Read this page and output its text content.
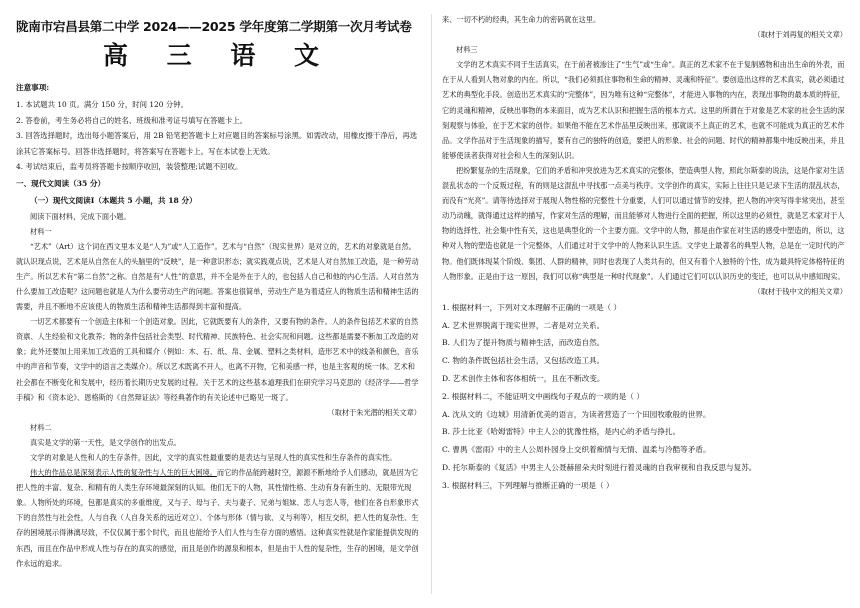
陇南市宕昌县第二中学 2024——2025 学年度第二学期第一次月考试卷
高 三 语 文
注意事项:

1. 本试题共 10 页。满分 150 分，时间 120 分钟。

2. 答卷前，考生务必将自己的姓名、班级和准考证号填写在答题卡上。

3. 回答选择题时，选出每小题答案后，用 2B 铅笔把答题卡上对应题目的答案标号涂黑。如需改动，用橡皮擦干净后，再选涂其它答案标号。回答非选择题时，将答案写在答题卡上。写在本试卷上无效。

4. 考试结束后，监考员将答题卡按顺序收回，装袋整理;试题不回收。

一、现代文阅读（35 分）

（一）现代文阅读Ⅰ（本题共 5 小题，共 18 分）

阅读下面材料，完成下面小题。

材料一

“艺术”（Art）这个词在西文里本义是“人为”或“人工造作”。艺术与“自然”（现实世界）是对立的，艺术的对象就是自然。就认识现点说，艺术是从自然在人的头脑里的“反映”，是一种意识形态；就实践观点说，艺术是人对自然加工改造，是一种劳动生产。所以艺术有“第二自然”之称。自然是有“人性”的意思，并不全是外在于人的，也包括人自己和他的内心生活。人对自然为什么要加工改造呢？这问题也就是人为什么要劳动生产的问题。答案也很简单，劳动生产是为着适应人的物质生活和精神生活的需要，并且不断地不应该使人的物质生活和精神生活都得到丰富和提高。

一切艺术都要有一个创造主体和一个创造对象。因此，它就既要有人的条件，又要有物的条件。人的条件包括艺术家的自然资禀、人生经验和文化教养；物的条件包括社会类型、时代精神、民族特色、社会实况和问题。这些都是需要不断加工改造的对象；此外还要加上用来加工改造的工具和媒介（例如：木、石、纸、帛、金属、塑料之类材料，造形艺术中的线条和颜色，音乐中的声音和节奏，文学中的语言之类媒介）。所以艺术既离不开人，也离不开物，它和美感一样，也是主客观的统一体。艺术和社会都在不断变化和发展中，经历着长期历史发展的过程。关于艺术的这些基本道理我们在研究学习马克思的《经济学——哲学手稿》和《资本论》、恩格斯的《自然辩证法》等经典著作的有关论述中已略见一斑了。

（取材于朱光潜的相关文章）

材料二

真实是文学的第一天性，是文学创作的出发点。

文学的对象是人性和人的生存条件，因此，文学的真实性最重要的是表达与呈现人性的真实性和生存条件的真实性。

伟大的作品总是深刻表示人性的复杂性与人生的巨大困境。而它的作品能跨越时空，源源不断地给予人们感动，就是因为它把人性的丰富、复杂、和精有的人类生存环境最深刻的认知。他们无下的人物，其性情性格、生动有身有新生的、无限带光现象。人物所处的环境，包都是真实的多重维度，又与子、母与子、夫与妻子、兄弟与姐妹、恋人与恋人等，他们在各自形象形式下的自然性与社会性，人与自我（人自身关系的远近对立）、个体与形体（情与欲、义与利等），相互交织，把人性的复杂性、生存的困境展示得淋漓尽致，不仅仅属于那个时代，而且也能给予人们人性与生存方面的感悟。这种真实性就是作家能提供发现的东西，而且在作品中形成人性与存在的真实的感觉，而且是创作的源泉和根本，但是由于人性的复杂性，生存的困境，是文学创作永远的追求。

来、一切不朽的经典，其生命力的密码就在这里。

（取材于刘再复的相关文章）

材料三

文学的艺术真实不同于生活真实，在于前者被渗注了“生气”或“生命”。真正的艺术家不在于复制感物和由出生命的外表，而在于从人看到人物对象的内在。所以，“我们必须抓住事物和生命的精神、灵魂和特征”。要创造出这样的艺术真实，就必须通过艺术的典型化手段。创造出艺术真实的“完整体”，因为唯有这种“完整体”，才能进入事物的内在，表现出事物的最本质的特征，它的灵魂和精神，反映出事物的本来面目，成为艺术认识和把握生活的根本方式。这里的所谓在于对象是艺术家的社会生活的深刻观察与体验，在于艺术家的创作。如果他不能在艺术作品里反映出来，那就谈不上真正的艺术，也就不可能成为真正的艺术作品。文学作品对于生活现象的描写，要有自己的独特的创造，要把人的形象、社会的问题、时代的精神都集中地反映出来，并且能够使读者获得对社会和人生的深刻认识。

把纷繁复杂的生活现象，它们的矛盾和冲突放进为艺术真实的完整体，塑造典型人物，照此尔斯泰的说法，这是作家对生活混乱状态的一个反叛过程，有的则是这混乱中寻找那一点美与秩序。文学创作的真实，实际上往往只是记录下生活的混乱状态，而没有“光亮”。请等待选择对于展现人物性格的完整性十分重要，人们可以通过情节的安排，把人物的冲突写得非常突出，甚至动乃动魄，就得通过这样的描写，作家对生活的理解，而且能够对人物进行全面的把握，所以这里的必须性，就是艺术家对于人物的选择性、社会集中性有关，这也是典型化的一个主要方面。文学中的人物，都是由作家在对生活的感受中塑造的，所以，这种对人物的塑造也就是一个完整体，人们通过对于文学中的人物来认识生活。文学史上最著名的典型人物，总是在一定时代的产物。他们既体现某个阶级、集团、人群的精神，同时也表现了人类共有的，但又有着个人独特的个性，成为最具特定体格特征的人物形象。正是由于这一原因，我们可以称“典型是一种时代现象”。人们通过它们可以认识历史的变迁，也可以从中感知现实。

（取材于钱中文的相关文章）

1. 根据材料一，下列对文本理解不正确的一项是（ ）

A. 艺术世界脱离于现实世界，二者是对立关系。

B. 人们为了提升物质与精神生活，而改造自然。

C. 物的条件既包括社会生活，又包括改造工具。

D. 艺术创作主体和客体相统一，且在不断改变。

2. 根据材料二，不能证明文中画线句子观点的一项的是（ ）

A. 沈从文的《边城》用清新优美的语言，为读者营造了一个田园牧歌般的世界。

B. 莎士比亚《哈姆雷特》中主人公的犹豫性格，是内心的矛盾与挣扎。

C. 曹禺《雷雨》中的主人公周朴园身上交织着痴情与无情、温柔与冷酷等矛盾。

D. 托尔斯泰的《复活》中男主人公聂赫留朵夫时刻进行着灵魂的自我审视和自我反思与复苏。

3. 根据材料三，下列理解与推断正确的一项是（ ）
